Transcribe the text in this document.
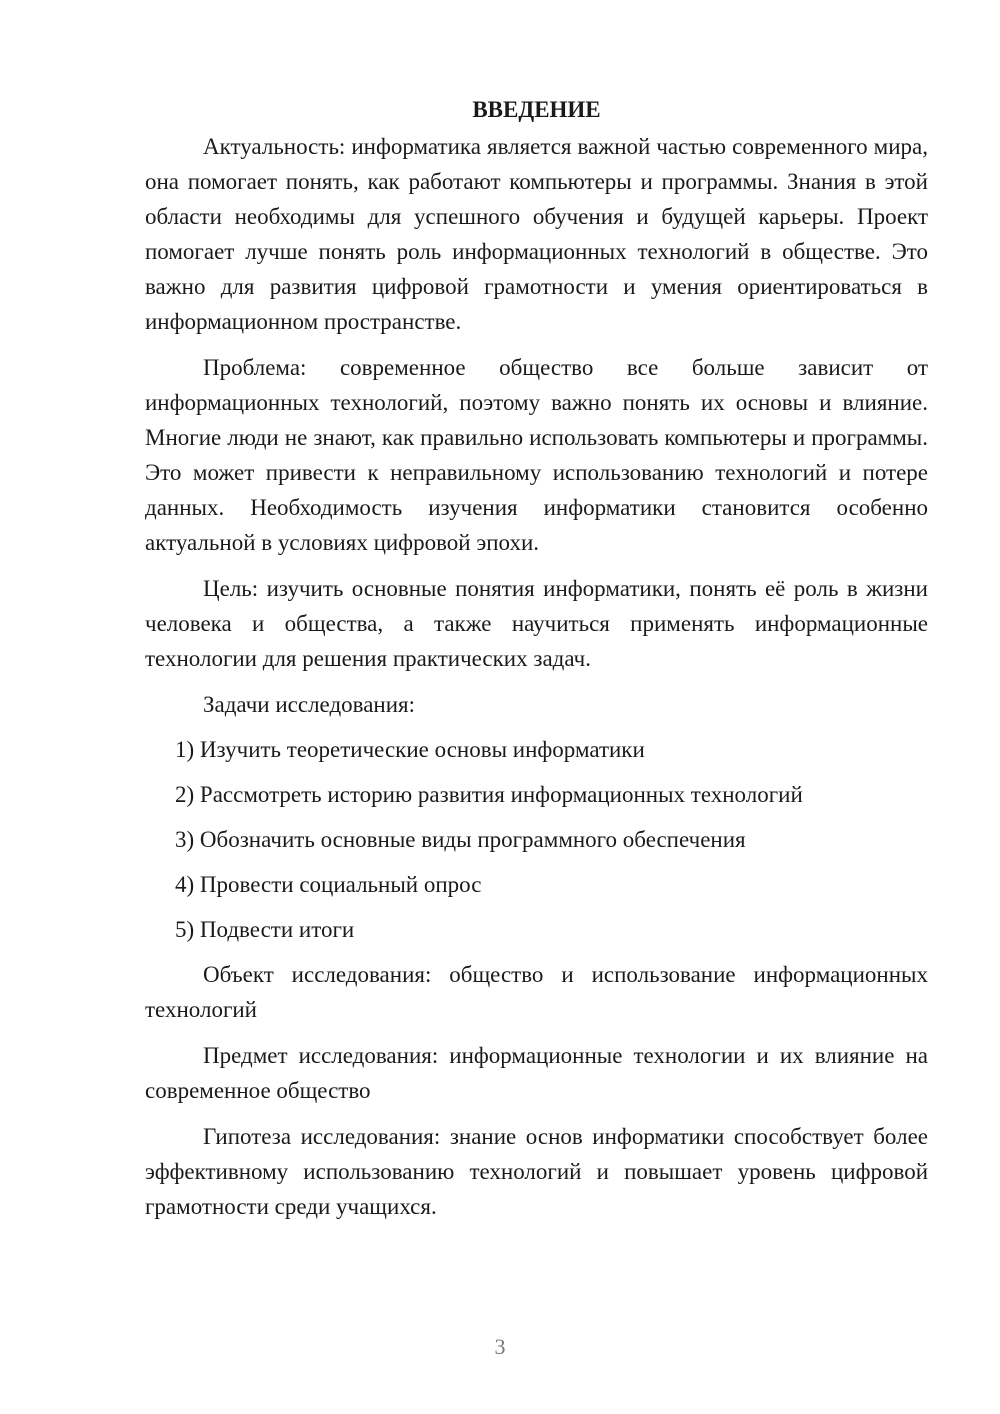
ВВЕДЕНИЕ

Актуальность: информатика является важной частью современного мира, она помогает понять, как работают компьютеры и программы. Знания в этой области необходимы для успешного обучения и будущей карьеры. Проект помогает лучше понять роль информационных технологий в обществе. Это важно для развития цифровой грамотности и умения ориентироваться в информационном пространстве.

Проблема: современное общество все больше зависит от информационных технологий, поэтому важно понять их основы и влияние. Многие люди не знают, как правильно использовать компьютеры и программы. Это может привести к неправильному использованию технологий и потере данных. Необходимость изучения информатики становится особенно актуальной в условиях цифровой эпохи.

Цель: изучить основные понятия информатики, понять её роль в жизни человека и общества, а также научиться применять информационные технологии для решения практических задач.

Задачи исследования:

1) Изучить теоретические основы информатики
2) Рассмотреть историю развития информационных технологий
3) Обозначить основные виды программного обеспечения
4) Провести социальный опрос
5) Подвести итоги

Объект исследования: общество и использование информационных технологий

Предмет исследования: информационные технологии и их влияние на современное общество

Гипотеза исследования: знание основ информатики способствует более эффективному использованию технологий и повышает уровень цифровой грамотности среди учащихся.

3
